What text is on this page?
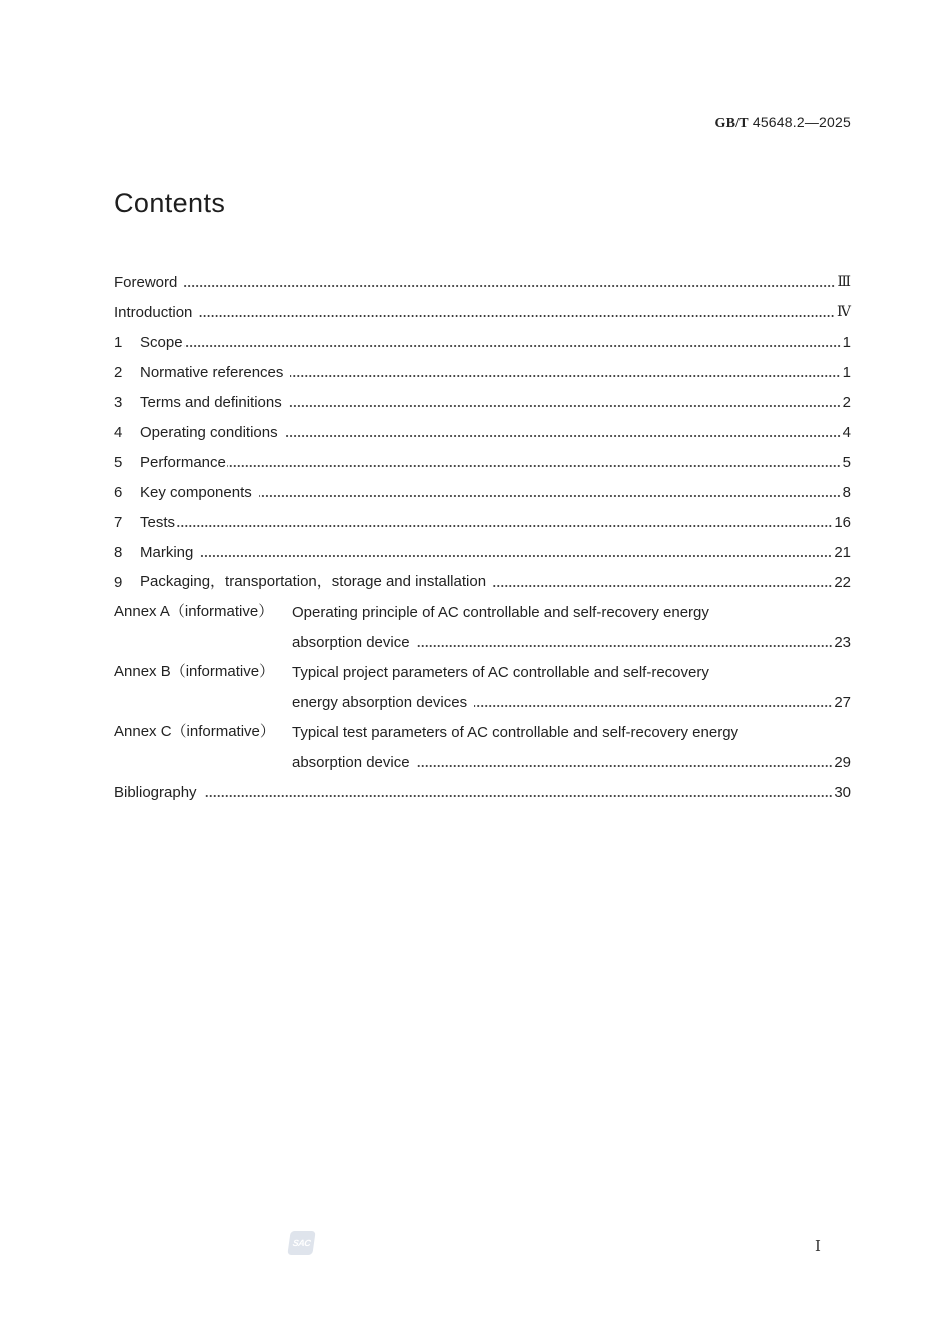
GB/T 45648.2—2025
Contents
Foreword	Ⅲ
Introduction	Ⅳ
1	Scope	1
2	Normative references	1
3	Terms and definitions	2
4	Operating conditions	4
5	Performance	5
6	Key components	8
7	Tests	16
8	Marking	21
9	Packaging，transportation，storage and installation	22
Annex A（informative）	Operating principle of AC controllable and self-recovery energy
absorption device	23
Annex B（informative）	Typical project parameters of AC controllable and self-recovery
energy absorption devices	27
Annex C（informative）	Typical test parameters of AC controllable and self-recovery energy
absorption device	29
Bibliography	30
SAC	Ⅰ
